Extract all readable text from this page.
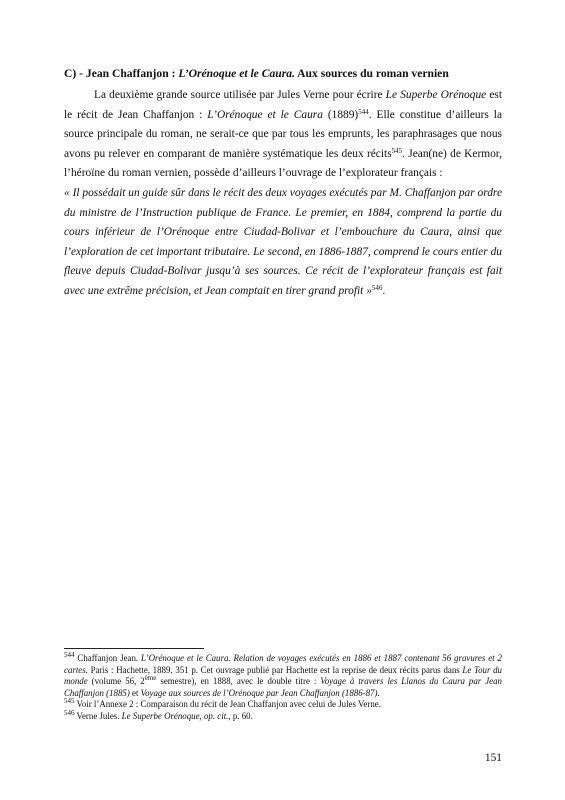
C) - Jean Chaffanjon : L’Orénoque et le Caura. Aux sources du roman vernien

La deuxième grande source utilisée par Jules Verne pour écrire Le Superbe Orénoque est le récit de Jean Chaffanjon : L’Orénoque et le Caura $(1889)^{544}$. Elle constitue d’ailleurs la source principale du roman, ne serait-ce que par tous les emprunts, les paraphrasages que nous avons pu relever en comparant de manière systématique les deux récits$^{545}$. Jean(ne) de Kermor, l’héroïne du roman vernien, possède d’ailleurs l’ouvrage de l’explorateur français :

« Il possédait un guide sûr dans le récit des deux voyages exécutés par M. Chaffanjon par ordre du ministre de l’Instruction publique de France. Le premier, en 1884, comprend la partie du cours inférieur de l’Orénoque entre Ciudad-Bolivar et l’embouchure du Caura, ainsi que l’exploration de cet important tributaire. Le second, en 1886-1887, comprend le cours entier du fleuve depuis Ciudad-Bolivar jusqu’à ses sources. Ce récit de l’explorateur français est fait avec une extrême précision, et Jean comptait en tirer grand profit »$^{546}$.

$^{544}$ Chaffanjon Jean. L’Orénoque et le Caura. Relation de voyages exécutés en 1886 et 1887 contenant 56 gravures et 2 cartes. Paris : Hachette, 1889. 351 p. Cet ouvrage publié par Hachette est la reprise de deux récits parus dans Le Tour du monde (volume 56, 2ème semestre), en 1888, avec le double titre : Voyage à travers les Llanos du Caura par Jean Chaffanjon (1885) et Voyage aux sources de l’Orénoque par Jean Chaffanjon (1886-87).

$^{545}$ Voir l’Annexe 2 : Comparaison du récit de Jean Chaffanjon avec celui de Jules Verne.

$^{546}$ Verne Jules. Le Superbe Orénoque, op. cit., p. 60.

151
